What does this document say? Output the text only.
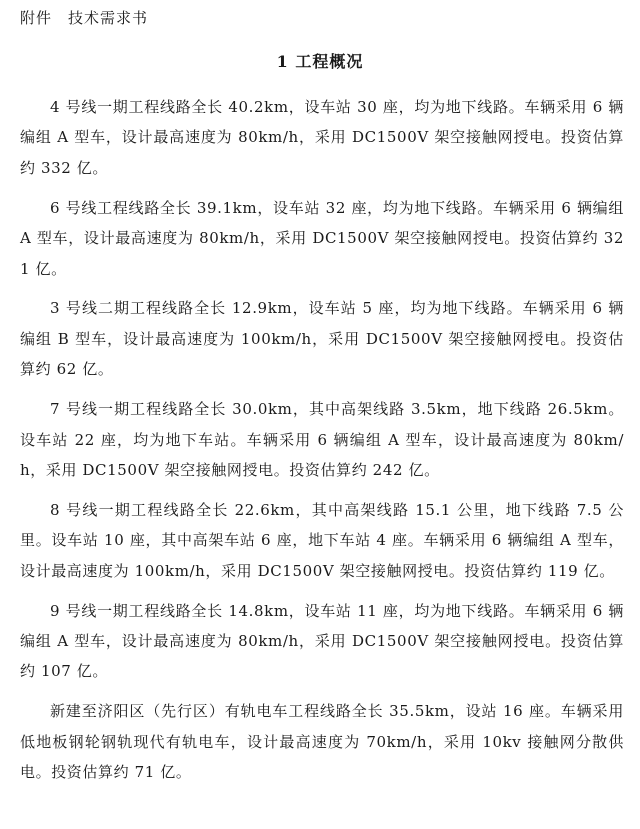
附件　技术需求书
1 工程概况

4 号线一期工程线路全长 40.2km，设车站 30 座，均为地下线路。车辆采用 6 辆编组 A 型车，设计最高速度为 80km/h，采用 DC1500V 架空接触网授电。投资估算约 332 亿。

6 号线工程线路全长 39.1km，设车站 32 座，均为地下线路。车辆采用 6 辆编组 A 型车，设计最高速度为 80km/h，采用 DC1500V 架空接触网授电。投资估算约 321 亿。

3 号线二期工程线路全长 12.9km，设车站 5 座，均为地下线路。车辆采用 6 辆编组 B 型车，设计最高速度为 100km/h，采用 DC1500V 架空接触网授电。投资估算约 62 亿。

7 号线一期工程线路全长 30.0km，其中高架线路 3.5km，地下线路 26.5km。设车站 22 座，均为地下车站。车辆采用 6 辆编组 A 型车，设计最高速度为 80km/h，采用 DC1500V 架空接触网授电。投资估算约 242 亿。

8 号线一期工程线路全长 22.6km，其中高架线路 15.1 公里，地下线路 7.5 公里。设车站 10 座，其中高架车站 6 座，地下车站 4 座。车辆采用 6 辆编组 A 型车，设计最高速度为 100km/h，采用 DC1500V 架空接触网授电。投资估算约 119 亿。

9 号线一期工程线路全长 14.8km，设车站 11 座，均为地下线路。车辆采用 6 辆编组 A 型车，设计最高速度为 80km/h，采用 DC1500V 架空接触网授电。投资估算约 107 亿。

新建至济阳区（先行区）有轨电车工程线路全长 35.5km，设站 16 座。车辆采用低地板钢轮钢轨现代有轨电车，设计最高速度为 70km/h，采用 10kv 接触网分散供电。投资估算约 71 亿。
